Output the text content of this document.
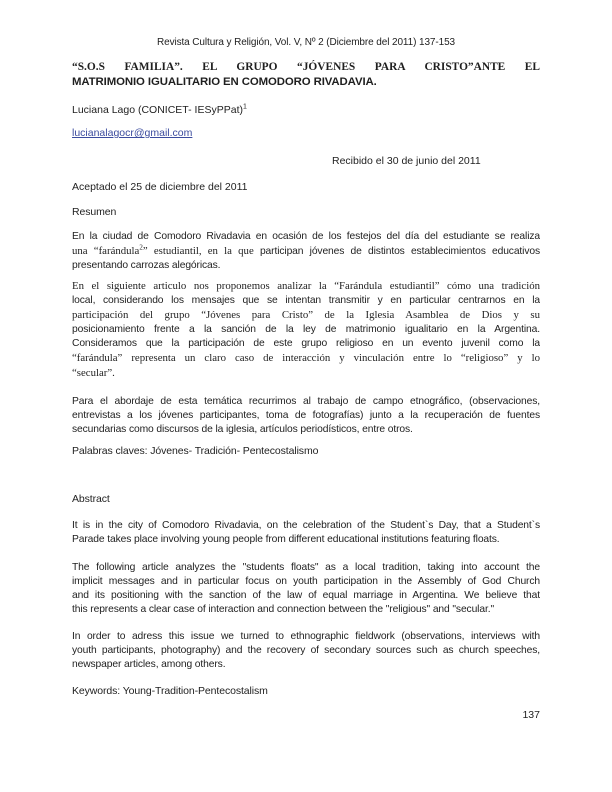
Revista Cultura y Religión, Vol. V, Nº 2 (Diciembre del 2011) 137-153
“S.O.S FAMILIA”. EL GRUPO “JÓVENES PARA CRISTO”ANTE EL
MATRIMONIO IGUALITARIO EN COMODORO RIVADAVIA.
Luciana Lago (CONICET- IESyPPat)$^1$
lucianalagocr@gmail.com
Recibido el 30 de junio del 2011
Aceptado el 25 de diciembre del 2011
Resumen
En la ciudad de Comodoro Rivadavia en ocasión de los festejos del día del estudiante se realiza
una “farándula$^2$” estudiantil, en la que participan jóvenes de distintos establecimientos educativos
presentando carrozas alegóricas.
En el siguiente articulo nos proponemos analizar la “Farándula estudiantil” cómo una tradición
local, considerando los mensajes que se intentan transmitir y en particular centrarnos en la
participación del grupo “Jóvenes para Cristo” de la Iglesia Asamblea de Dios y su
posicionamiento frente a la sanción de la ley de matrimonio igualitario en la Argentina.
Consideramos que la participación de este grupo religioso en un evento juvenil como la
“farándula” representa un claro caso de interacción y vinculación entre lo “religioso” y lo
“secular”.
Para el abordaje de esta temática recurrimos al trabajo de campo etnográfico, (observaciones,
entrevistas a los jóvenes participantes, toma de fotografías) junto a la recuperación de fuentes
secundarias como discursos de la iglesia, artículos periodísticos, entre otros.
Palabras claves: Jóvenes- Tradición- Pentecostalismo
Abstract
It is in the city of Comodoro Rivadavia, on the celebration of the Student`s Day, that a Student`s
Parade takes place involving young people from different educational institutions featuring floats.
The following article analyzes the "students floats" as a local tradition, taking into account the
implicit messages and in particular focus on youth participation in the Assembly of God Church
and its positioning with the sanction of the law of equal marriage in Argentina. We believe that
this represents a clear case of interaction and connection between the "religious" and "secular."
In order to adress this issue we turned to ethnographic fieldwork (observations, interviews with
youth participants, photography) and the recovery of secondary sources such as church speeches,
newspaper articles, among others.
Keywords: Young-Tradition-Pentecostalism
137
